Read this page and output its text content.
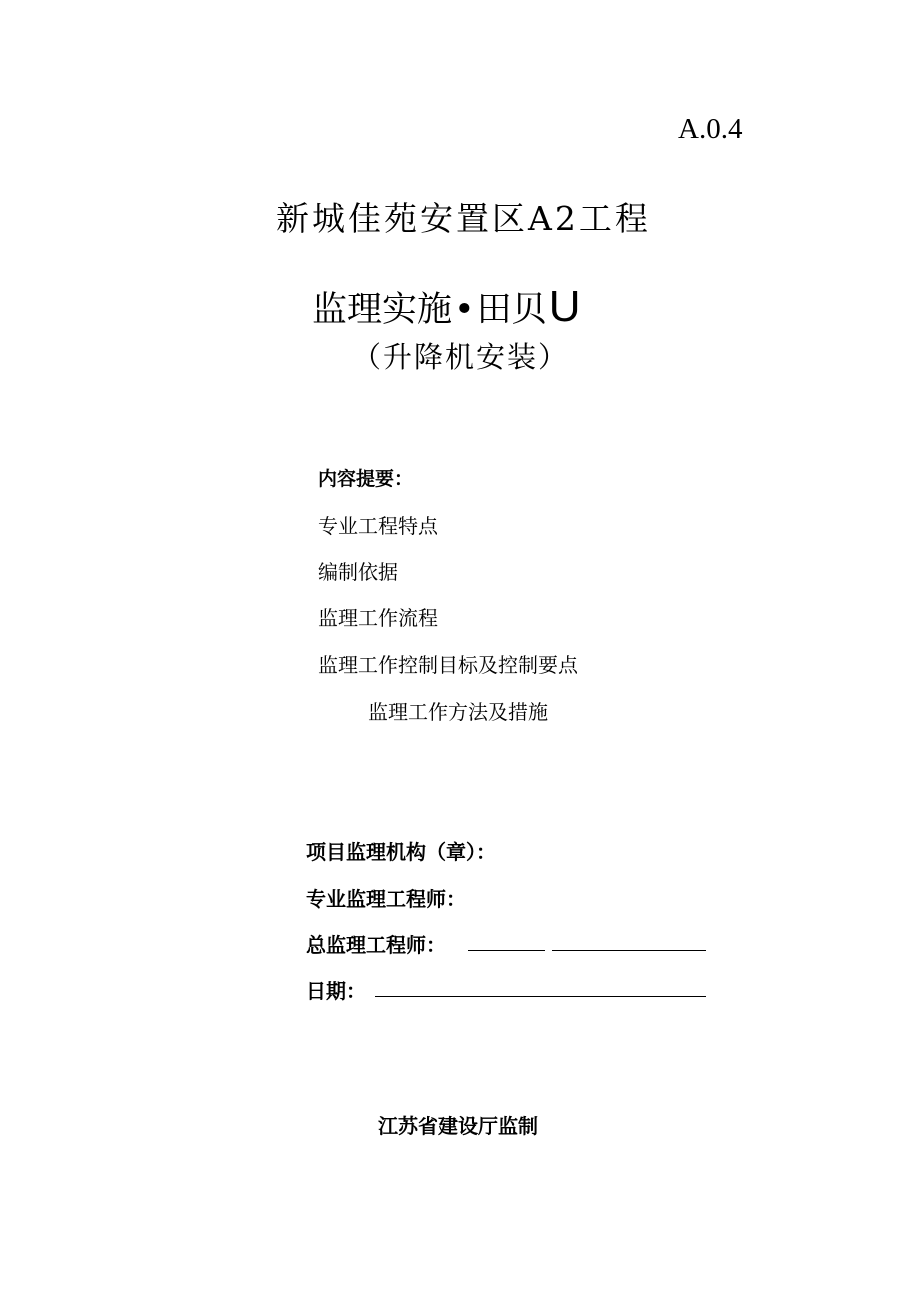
A.0.4
新城佳苑安置区A2工程
监理实施•田贝U
（升降机安装）
内容提要：
专业工程特点
编制依据
监理工作流程
监理工作控制目标及控制要点
监理工作方法及措施
项目监理机构（章）：
专业监理工程师：
总监理工程师：
日期：
江苏省建设厅监制
